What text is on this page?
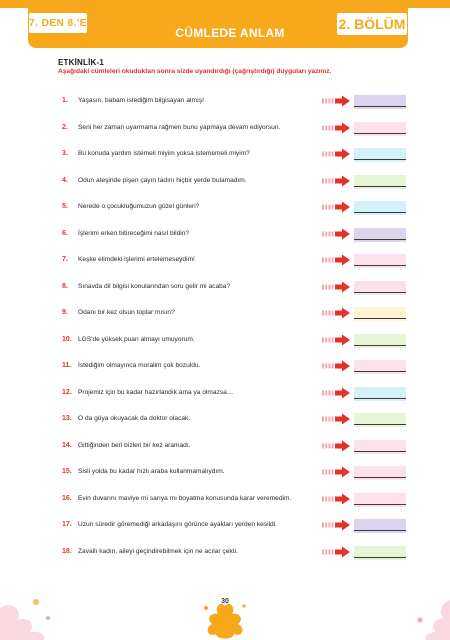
7. DEN 8.'E
CÜMLEDE ANLAM
2. BÖLÜM
ETKİNLİK-1
Aşağıdaki cümleleri okuduktan sonra sizde uyandırdığı (çağrıştırdığı) duyguları yazınız.
1.	Yaşasın, babam istediğim bilgisayarı almış!
2.	Seni her zaman uyarmama rağmen bunu yapmaya devam ediyorsun.
3.	Bu konuda yardım istemeli miyim yoksa istememeli miyim?
4.	Odun ateşinde pişen çayın tadını hiçbir yerde bulamadım.
5.	Nerede o çocukluğumuzun güzel günleri?
6.	İşlerimi erken bitireceğimi nasıl bildin?
7.	Keşke elimdeki işlerimi ertelemeseydim!
8.	Sınavda dil bilgisi konularından soru gelir mi acaba?
9.	Odanı bir kez olsun toplar mısın?
10. LGS'de yüksek puan almayı umuyorum.
11.	İstediğim olmayınca moralim çok bozuldu.
12. Projemiz için bu kadar hazırlandık ama ya olmazsa…
13. O da güya okuyacak da doktor olacak.
14. Gittiğinden beri bizleri bir kez aramadı.
15. Sisli yolda bu kadar hızlı araba kullanmamalıydım.
16. Evin duvarını maviye mi sarıya mı boyatma konusunda karar veremedim.
17. Uzun süredir göremediği arkadaşını görünce ayakları yerden kesildi.
18. Zavallı kadın, aileyi geçindirebilmek için ne acılar çekti.
30
